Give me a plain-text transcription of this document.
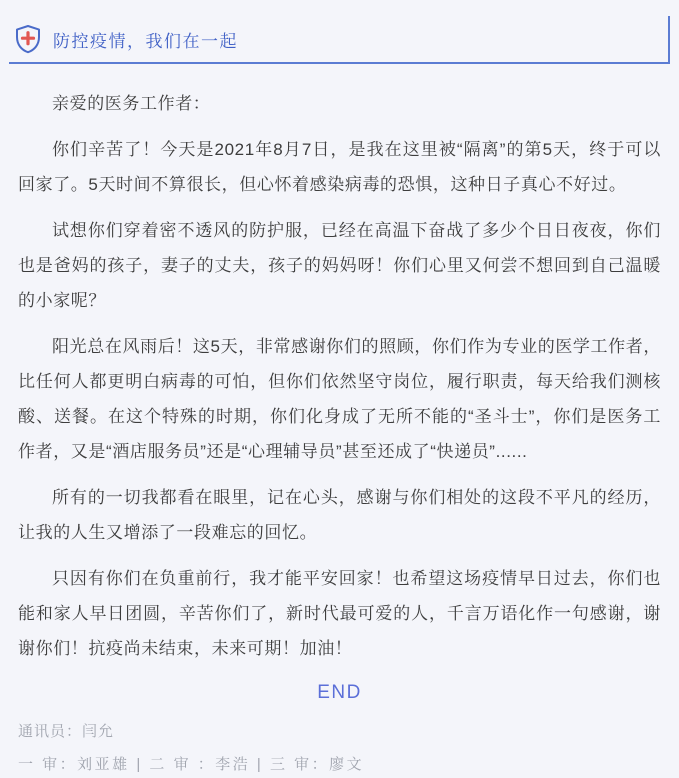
防控疫情，我们在一起

亲爱的医务工作者：

你们辛苦了！今天是2021年8月7日，是我在这里被“隔离”的第5天，终于可以回家了。5天时间不算很长，但心怀着感染病毒的恐惧，这种日子真心不好过。

试想你们穿着密不透风的防护服，已经在高温下奋战了多少个日日夜夜，你们也是爸妈的孩子，妻子的丈夫，孩子的妈妈呀！你们心里又何尝不想回到自己温暖的小家呢？

阳光总在风雨后！这5天，非常感谢你们的照顾，你们作为专业的医学工作者，比任何人都更明白病毒的可怕，但你们依然坚守岗位，履行职责，每天给我们测核酸、送餐。在这个特殊的时期，你们化身成了无所不能的“圣斗士”，你们是医务工作者，又是“酒店服务员”还是“心理辅导员”甚至还成了“快递员”......

所有的一切我都看在眼里，记在心头，感谢与你们相处的这段不平凡的经历，让我的人生又增添了一段难忘的回忆。

只因有你们在负重前行，我才能平安回家！也希望这场疫情早日过去，你们也能和家人早日团圆，辛苦你们了，新时代最可爱的人，千言万语化作一句感谢，谢谢你们！抗疫尚未结束，未来可期！加油！

END

通讯员：闫允

一 审：刘亚雄 | 二 审 ：李浩 | 三 审：廖文
